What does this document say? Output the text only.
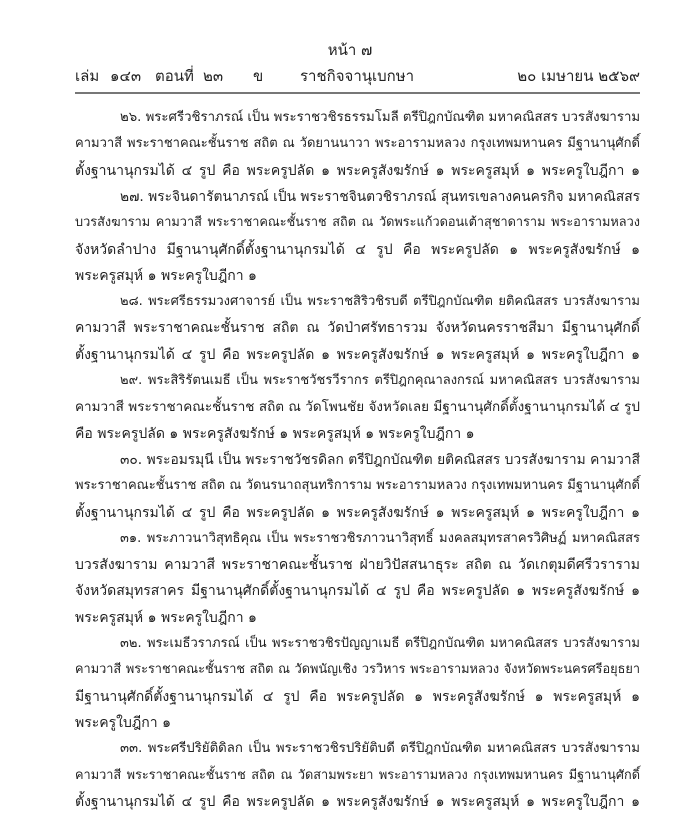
หน้า ๗
เล่ม ๑๔๓ ตอนที่ ๒๓ ข ราชกิจจานุเบกษา	๒๐ เมษายน ๒๕๖๙
๒๖. พระศรีวชิราภรณ์ เป็น พระราชวชิรธรรมโมลี ตรีปิฎกบัณฑิต มหาคณิสสร บวรสังฆาราม
คามวาสี พระราชาคณะชั้นราช สถิต ณ วัดยานนาวา พระอารามหลวง กรุงเทพมหานคร มีฐานานุศักดิ์
ตั้งฐานานุกรมได้ ๔ รูป คือ พระครูปลัด ๑ พระครูสังฆรักษ์ ๑ พระครูสมุห์ ๑ พระครูใบฎีกา ๑
๒๗. พระจินดารัตนาภรณ์ เป็น พระราชจินตวชิราภรณ์ สุนทรเขลางคนครกิจ มหาคณิสสร
บวรสังฆาราม คามวาสี พระราชาคณะชั้นราช สถิต ณ วัดพระแก้วดอนเต้าสุชาดาราม พระอารามหลวง
จังหวัดลำปาง มีฐานานุศักดิ์ตั้งฐานานุกรมได้ ๔ รูป คือ พระครูปลัด ๑ พระครูสังฆรักษ์ ๑
พระครูสมุห์ ๑ พระครูใบฎีกา ๑
๒๘. พระศรีธรรมวงศาจารย์ เป็น พระราชสิริวชิรบดี ตรีปิฎกบัณฑิต ยติคณิสสร บวรสังฆาราม
คามวาสี พระราชาคณะชั้นราช สถิต ณ วัดป่าศรัทธารวม จังหวัดนครราชสีมา มีฐานานุศักดิ์
ตั้งฐานานุกรมได้ ๔ รูป คือ พระครูปลัด ๑ พระครูสังฆรักษ์ ๑ พระครูสมุห์ ๑ พระครูใบฎีกา ๑
๒๙. พระสิริรัตนเมธี เป็น พระราชวัชรวีรากร ตรีปิฎกคุณาลงกรณ์ มหาคณิสสร บวรสังฆาราม
คามวาสี พระราชาคณะชั้นราช สถิต ณ วัดโพนชัย จังหวัดเลย มีฐานานุศักดิ์ตั้งฐานานุกรมได้ ๔ รูป
คือ พระครูปลัด ๑ พระครูสังฆรักษ์ ๑ พระครูสมุห์ ๑ พระครูใบฎีกา ๑
๓๐. พระอมรมุนี เป็น พระราชวัชรดิลก ตรีปิฎกบัณฑิต ยติคณิสสร บวรสังฆาราม คามวาสี
พระราชาคณะชั้นราช สถิต ณ วัดนรนาถสุนทริการาม พระอารามหลวง กรุงเทพมหานคร มีฐานานุศักดิ์
ตั้งฐานานุกรมได้ ๔ รูป คือ พระครูปลัด ๑ พระครูสังฆรักษ์ ๑ พระครูสมุห์ ๑ พระครูใบฎีกา ๑
๓๑. พระภาวนาวิสุทธิคุณ เป็น พระราชวชิรภาวนาวิสุทธิ์ มงคลสมุทรสาครวิศิษฏ์ มหาคณิสสร
บวรสังฆาราม คามวาสี พระราชาคณะชั้นราช ฝ่ายวิปัสสนาธุระ สถิต ณ วัดเกตุมดีศรีวราราม
จังหวัดสมุทรสาคร มีฐานานุศักดิ์ตั้งฐานานุกรมได้ ๔ รูป คือ พระครูปลัด ๑ พระครูสังฆรักษ์ ๑
พระครูสมุห์ ๑ พระครูใบฎีกา ๑
๓๒. พระเมธีวราภรณ์ เป็น พระราชวชิรปัญญาเมธี ตรีปิฎกบัณฑิต มหาคณิสสร บวรสังฆาราม
คามวาสี พระราชาคณะชั้นราช สถิต ณ วัดพนัญเชิง วรวิหาร พระอารามหลวง จังหวัดพระนครศรีอยุธยา
มีฐานานุศักดิ์ตั้งฐานานุกรมได้ ๔ รูป คือ พระครูปลัด ๑ พระครูสังฆรักษ์ ๑ พระครูสมุห์ ๑
พระครูใบฎีกา ๑
๓๓. พระศรีปริยัติดิลก เป็น พระราชวชิรปริยัติบดี ตรีปิฎกบัณฑิต มหาคณิสสร บวรสังฆาราม
คามวาสี พระราชาคณะชั้นราช สถิต ณ วัดสามพระยา พระอารามหลวง กรุงเทพมหานคร มีฐานานุศักดิ์
ตั้งฐานานุกรมได้ ๔ รูป คือ พระครูปลัด ๑ พระครูสังฆรักษ์ ๑ พระครูสมุห์ ๑ พระครูใบฎีกา ๑
